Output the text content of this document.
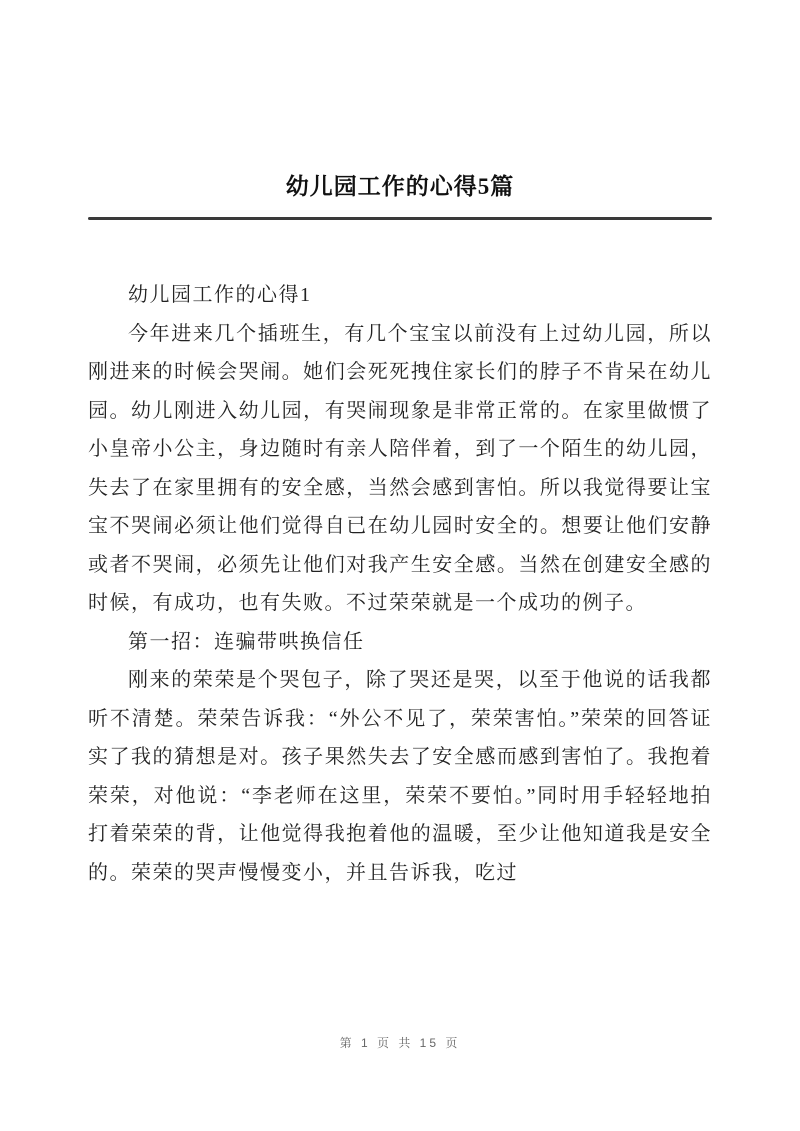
幼儿园工作的心得5篇

幼儿园工作的心得1

今年进来几个插班生，有几个宝宝以前没有上过幼儿园，所以刚进来的时候会哭闹。她们会死死拽住家长们的脖子不肯呆在幼儿园。幼儿刚进入幼儿园，有哭闹现象是非常正常的。在家里做惯了小皇帝小公主，身边随时有亲人陪伴着，到了一个陌生的幼儿园，失去了在家里拥有的安全感，当然会感到害怕。所以我觉得要让宝宝不哭闹必须让他们觉得自已在幼儿园时安全的。想要让他们安静或者不哭闹，必须先让他们对我产生安全感。当然在创建安全感的时候，有成功，也有失败。不过荣荣就是一个成功的例子。

第一招：连骗带哄换信任

刚来的荣荣是个哭包子，除了哭还是哭，以至于他说的话我都听不清楚。荣荣告诉我：“外公不见了，荣荣害怕。”荣荣的回答证实了我的猜想是对。孩子果然失去了安全感而感到害怕了。我抱着荣荣，对他说：“李老师在这里，荣荣不要怕。”同时用手轻轻地拍打着荣荣的背，让他觉得我抱着他的温暖，至少让他知道我是安全的。荣荣的哭声慢慢变小，并且告诉我，吃过

第 1 页 共 15 页
